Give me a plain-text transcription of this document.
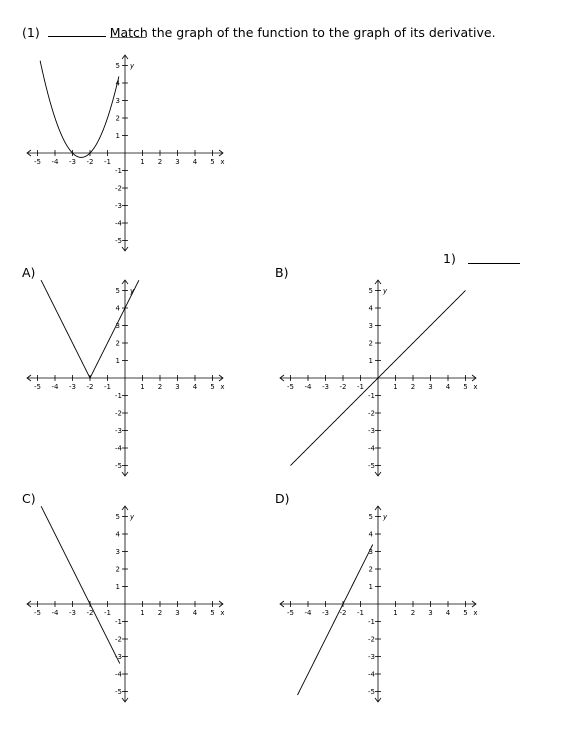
(1)	Match the graph of the function to the graph of its derivative.
1)
A)	B)
C)	D)
1
-1
1
-1
2
-2
2
-2
3
-3
3
-3
4
-4
4
-4
5
-5
5
-5
x
y
1
-1
1
-1
2
-2
2
-2
3
-3
3
-3
4
-4
4
-4
5
-5
5
-5
x
y
1
-1
1
-1
2
-2
2
-2
3
-3
3
-3
4
-4
4
-4
5
-5
5
-5
x
y
1
-1
1
-1
2
-2
2
-2
3
-3
3
-3
4
-4
4
-4
5
-5
5
-5
x
y
1
-1
1
-1
2
-2
2
-2
3
-3
3
-3
4
-4
4
-4
5
-5
5
-5
x
y
